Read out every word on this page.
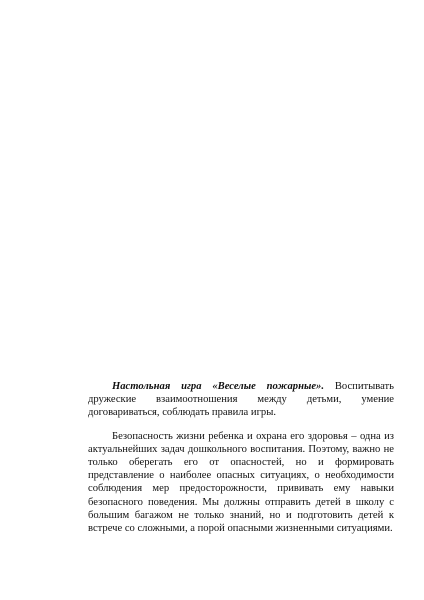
Настольная игра «Веселые пожарные». Воспитывать дружеские взаимоотношения между детьми, умение договариваться, соблюдать правила игры.

Безопасность жизни ребенка и охрана его здоровья – одна из актуальнейших задач дошкольного воспитания. Поэтому, важно не только оберегать его от опасностей, но и формировать представление о наиболее опасных ситуациях, о необходимости соблюдения мер предосторожности, прививать ему навыки безопасного поведения. Мы должны отправить детей в школу с большим багажом не только знаний, но и подготовить детей к встрече со сложными, а порой опасными жизненными ситуациями.
